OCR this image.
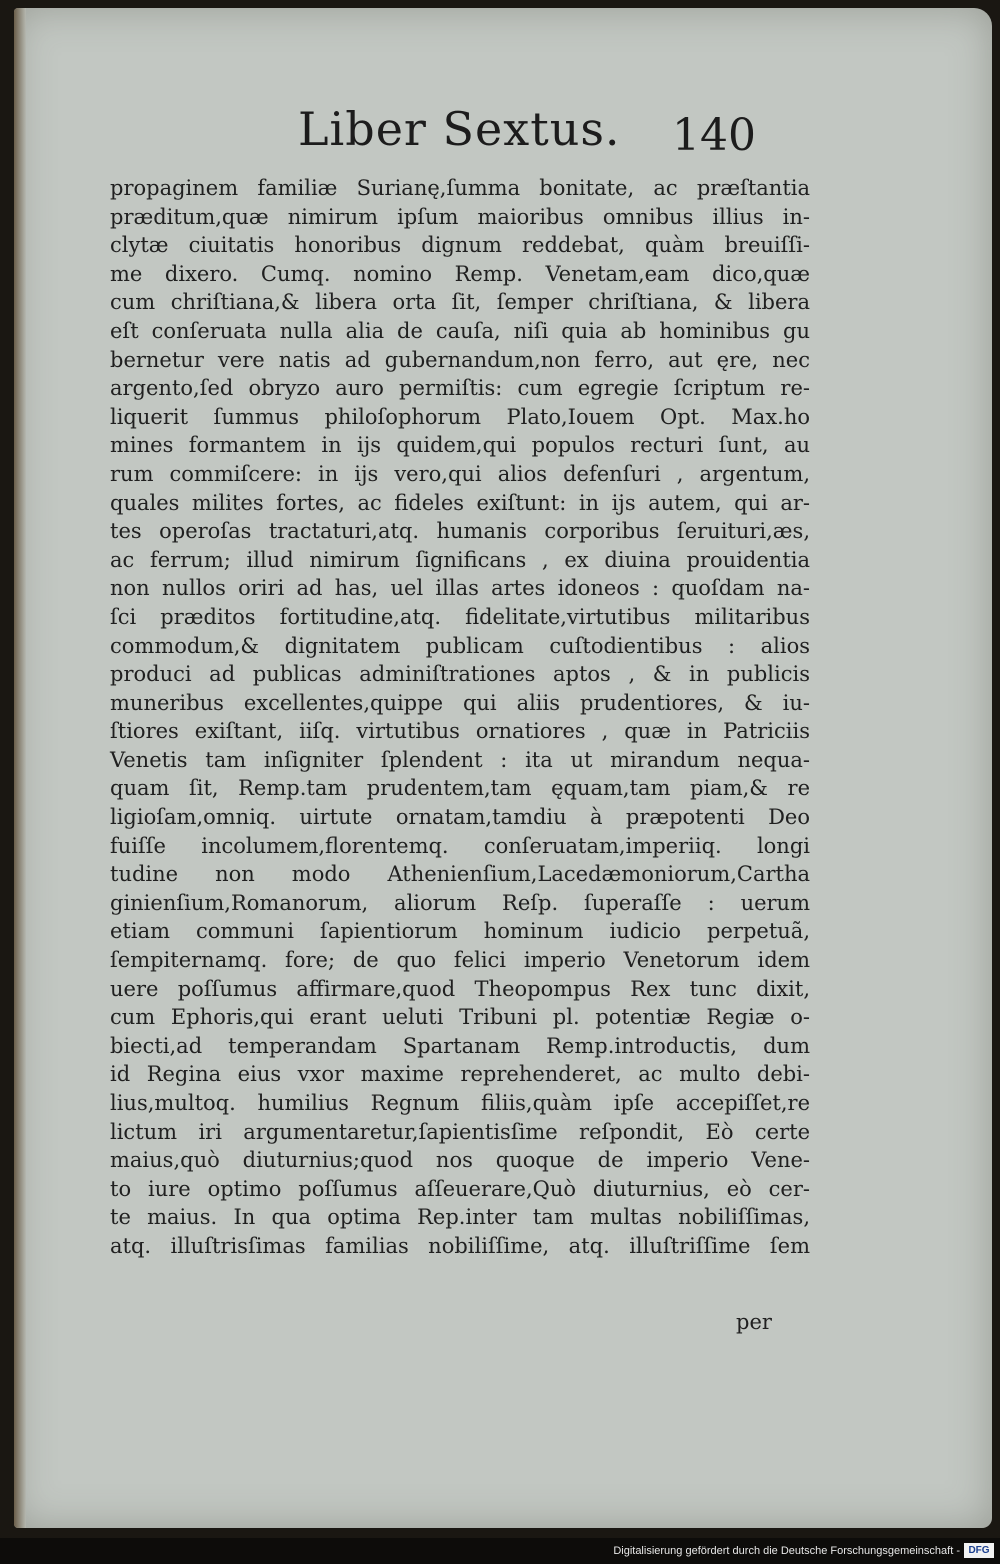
Liber Sextus. 140
propaginem familiæ Surianę,ſumma bonitate, ac præſtantia
præditum,quæ nimirum ipſum maioribus omnibus illius in-
clytæ ciuitatis honoribus dignum reddebat, quàm breuiſſi-
me dixero. Cumq. nomino Remp. Venetam,eam dico,quæ
cum chriſtiana,& libera orta ſit, ſemper chriſtiana, & libera
eſt conſeruata nulla alia de cauſa, niſi quia ab hominibus gu
bernetur vere natis ad gubernandum,non ferro, aut ęre, nec
argento,ſed obryzo auro permiſtis: cum egregie ſcriptum re-
liquerit ſummus philoſophorum Plato,Iouem Opt. Max.ho
mines formantem in ijs quidem,qui populos recturi ſunt, au
rum commiſcere: in ijs vero,qui alios defenſuri , argentum,
quales milites fortes, ac fideles exiſtunt: in ijs autem, qui ar-
tes operoſas tractaturi,atq. humanis corporibus ſeruituri,æs,
ac ferrum; illud nimirum ſignificans , ex diuina prouidentia
non nullos oriri ad has, uel illas artes idoneos : quoſdam na-
ſci præditos fortitudine,atq. fidelitate,virtutibus militaribus
commodum,& dignitatem publicam cuſtodientibus : alios
produci ad publicas adminiſtrationes aptos , & in publicis
muneribus excellentes,quippe qui aliis prudentiores, & iu-
ſtiores exiſtant, iiſq. virtutibus ornatiores , quæ in Patriciis
Venetis tam inſigniter ſplendent : ita ut mirandum nequa-
quam ſit, Remp.tam prudentem,tam ęquam,tam piam,& re
ligioſam,omniq. uirtute ornatam,tamdiu à præpotenti Deo
fuiſſe incolumem,florentemq. conſeruatam,imperiiq. longi
tudine non modo Athenienſium,Lacedæmoniorum,Cartha
ginienſium,Romanorum, aliorum Reſp. ſuperaſſe : uerum
etiam communi ſapientiorum hominum iudicio perpetuã,
ſempiternamq. fore; de quo felici imperio Venetorum idem
uere poſſumus affirmare,quod Theopompus Rex tunc dixit,
cum Ephoris,qui erant ueluti Tribuni pl. potentiæ Regiæ o-
biecti,ad temperandam Spartanam Remp.introductis, dum
id Regina eius vxor maxime reprehenderet, ac multo debi-
lius,multoq. humilius Regnum filiis,quàm ipſe accepiſſet,re
lictum iri argumentaretur,ſapientisſime reſpondit, Eò certe
maius,quò diuturnius;quod nos quoque de imperio Vene-
to iure optimo poſſumus aſſeuerare,Quò diuturnius, eò cer-
te maius. In qua optima Rep.inter tam multas nobiliſſimas,
atq. illuſtrisſimas familias nobiliſſime, atq. illuſtriſſime ſem
per
Digitalisierung gefördert durch die Deutsche Forschungsgemeinschaft - DFG
